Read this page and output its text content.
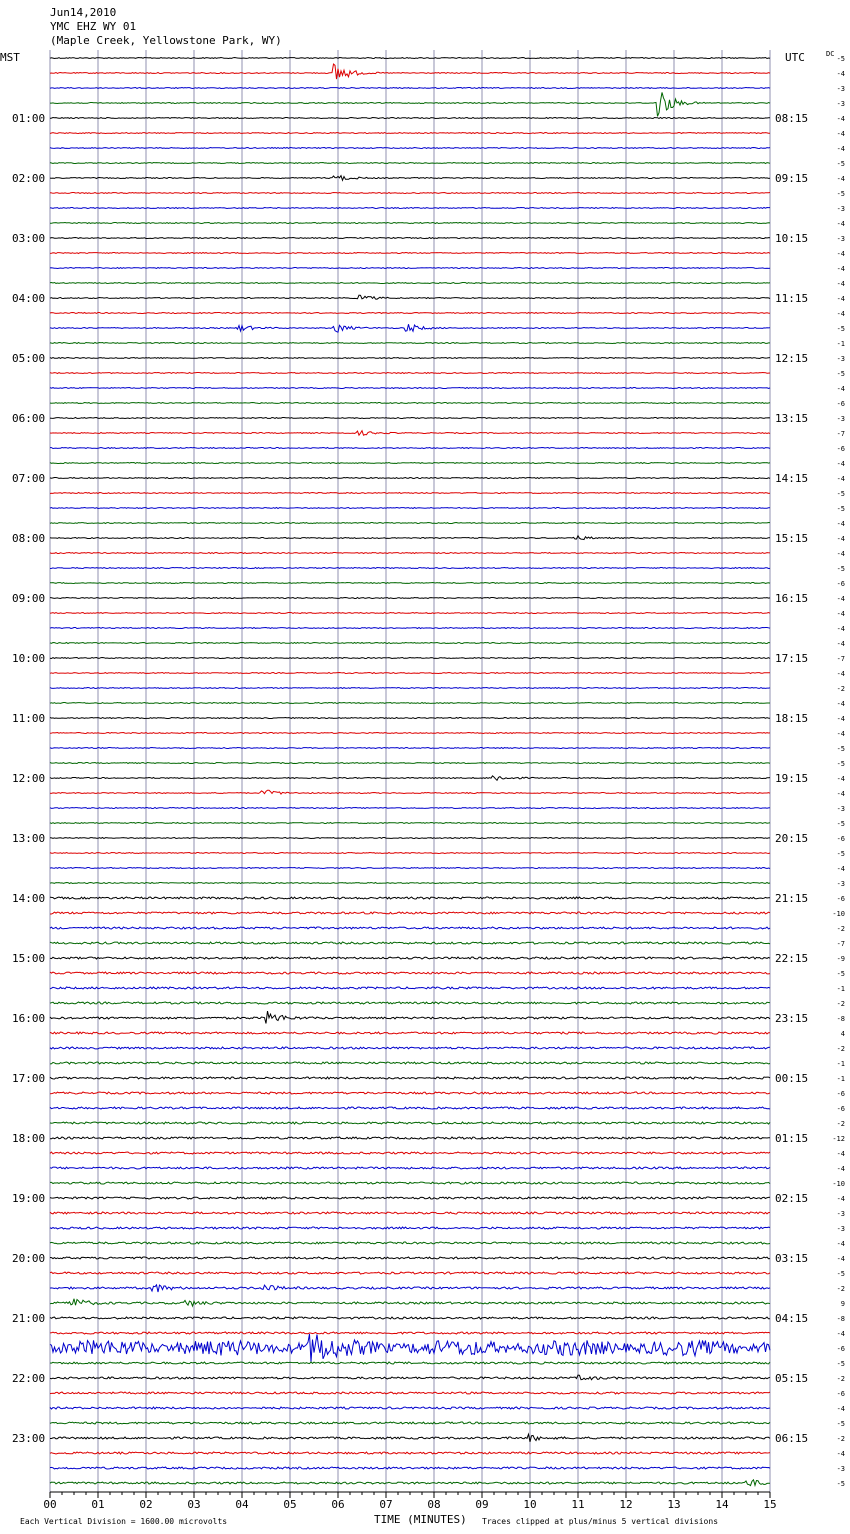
Jun14,2010
YMC EHZ WY 01
(Maple Creek, Yellowstone Park, WY)
MST	UTC	DC
01:00
02:00
03:00
04:00
05:00
06:00
07:00
08:00
09:00
10:00
11:00
12:00
13:00
14:00
15:00
16:00
17:00
18:00
19:00
20:00
21:00
22:00
23:00
08:15
09:15
10:15
11:15
12:15
13:15
14:15
15:15
16:15
17:15
18:15
19:15
20:15
21:15
22:15
23:15
00:15
01:15
02:15
03:15
04:15
05:15
06:15
-5
-4
-3
-3
-4
-4
-4
-5
-4
-5
-3
-4
-3
-4
-4
-4
-4
-4
-5
-1
-3
-5
-4
-6
-3
-7
-6
-4
-4
-5
-5
-4
-4
-4
-5
-6
-4
-4
-4
-4
-7
-4
-2
-4
-4
-4
-5
-5
-4
-4
-3
-5
-6
-5
-4
-3
-6
-10
-2
-7
-9
-5
-1
-2
-8
4
-2
-1
-1
-6
-6
-2
-12
-4
-4
-10
-4
-3
-3
-4
-4
-5
-2
9
-8
-4
-6
-5
-2
-6
-4
-5
-2
-4
-3
-5
00	01	02	03	04	05	06	07	08	09	10	11	12	13	14	15
TIME (MINUTES)
Each Vertical Division = 1600.00 microvolts	Traces clipped at plus/minus 5 vertical divisions
